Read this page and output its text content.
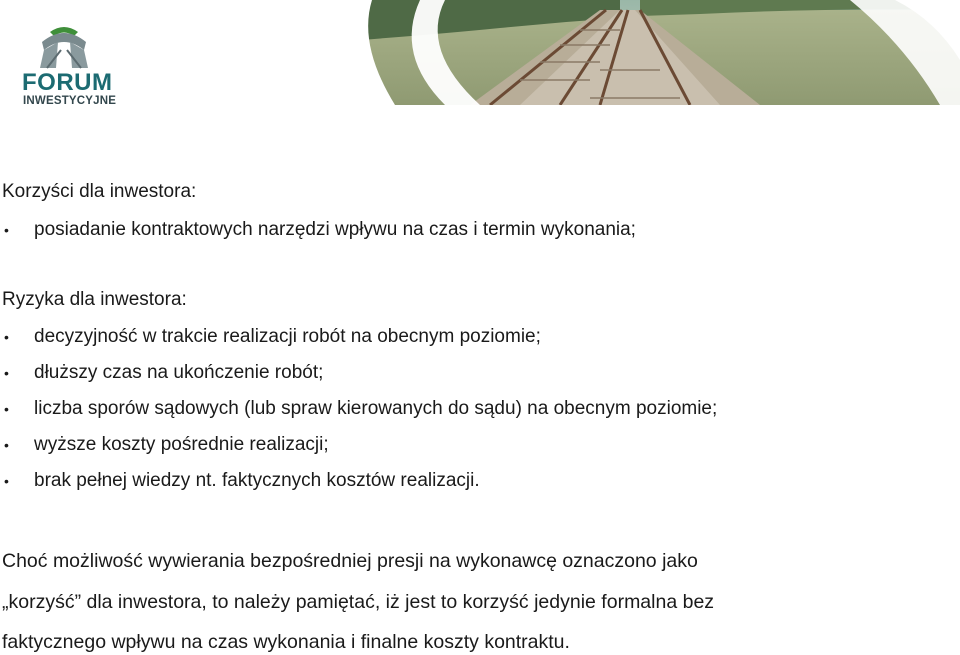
FORUM
INWESTYCYJNE
Korzyści dla inwestora:
• posiadanie kontraktowych narzędzi wpływu na czas i termin wykonania;
Ryzyka dla inwestora:
• decyzyjność w trakcie realizacji robót na obecnym poziomie;
• dłuższy czas na ukończenie robót;
• liczba sporów sądowych (lub spraw kierowanych do sądu) na obecnym poziomie;
• wyższe koszty pośrednie realizacji;
• brak pełnej wiedzy nt. faktycznych kosztów realizacji.
Choć możliwość wywierania bezpośredniej presji na wykonawcę oznaczono jako
„korzyść” dla inwestora, to należy pamiętać, iż jest to korzyść jedynie formalna bez
faktycznego wpływu na czas wykonania i finalne koszty kontraktu.
